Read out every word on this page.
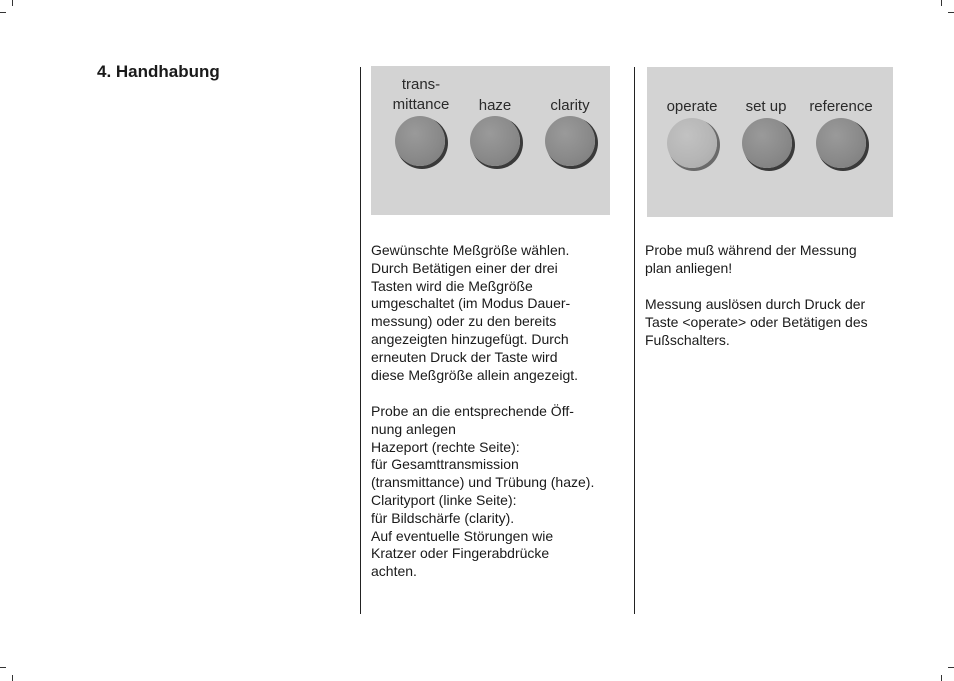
4. Handhabung
trans-
mittance haze	clarity	operate set up reference

Gewünschte Meßgröße wählen.
Durch Betätigen einer der drei
Tasten wird die Meßgröße
umgeschaltet (im Modus Dauer-
messung) oder zu den bereits
angezeigten hinzugefügt. Durch
erneuten Druck der Taste wird
diese Meßgröße allein angezeigt.

Probe an die entsprechende Öff-
nung anlegen
Hazeport (rechte Seite):
für Gesamttransmission
(transmittance) und Trübung (haze).
Clarityport (linke Seite):
für Bildschärfe (clarity).
Auf eventuelle Störungen wie
Kratzer oder Fingerabdrücke
achten.

Probe muß während der Messung
plan anliegen!

Messung auslösen durch Druck der
Taste <operate> oder Betätigen des
Fußschalters.
